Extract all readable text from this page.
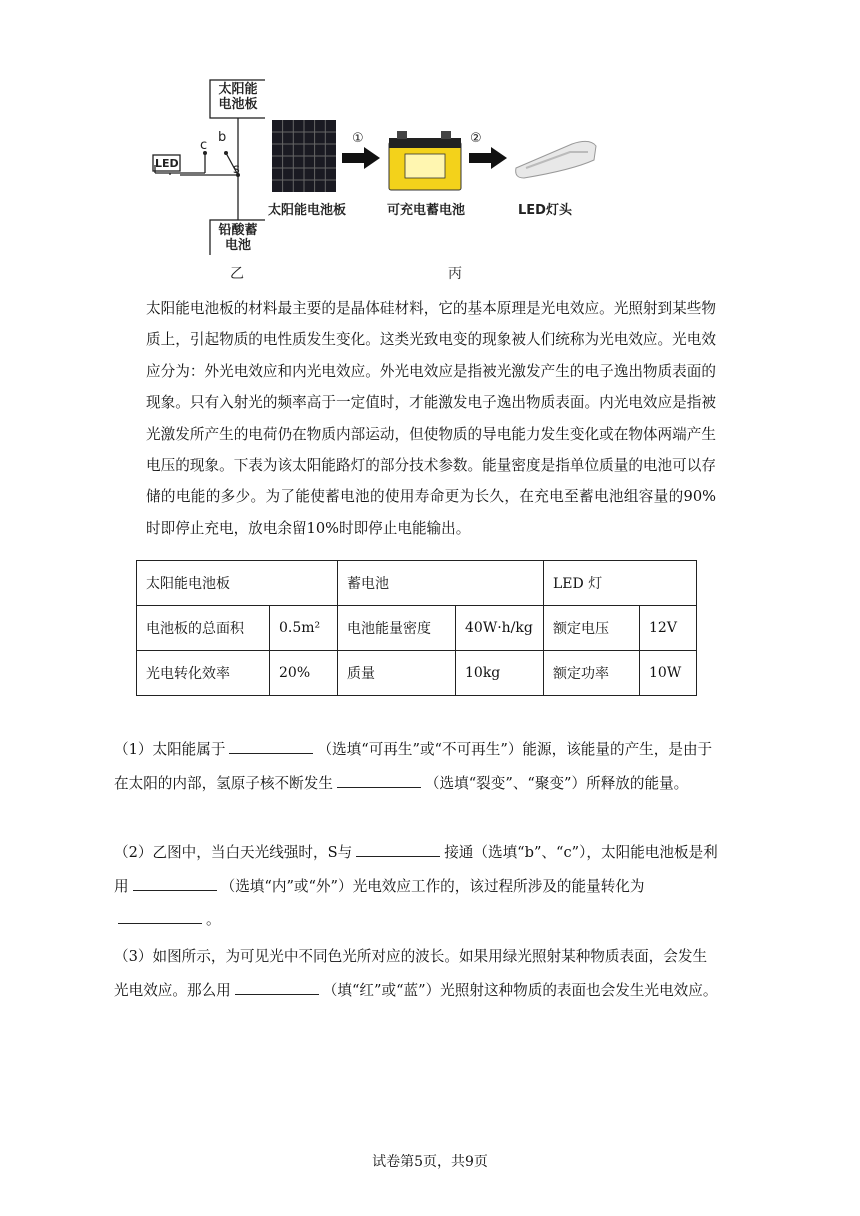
太阳能
电池板
铅酸蓄
电池
LED
c
b
s
乙
太阳能电池板
①
可充电蓄电池
②
LED灯头
丙
太阳能电池板的材料最主要的是晶体硅材料，它的基本原理是光电效应。光照射到某些物质上，引起物质的电性质发生变化。这类光致电变的现象被人们统称为光电效应。光电效应分为：外光电效应和内光电效应。外光电效应是指被光激发产生的电子逸出物质表面的现象。只有入射光的频率高于一定值时，才能激发电子逸出物质表面。内光电效应是指被光激发所产生的电荷仍在物质内部运动，但使物质的导电能力发生变化或在物体两端产生电压的现象。下表为该太阳能路灯的部分技术参数。能量密度是指单位质量的电池可以存储的电能的多少。为了能使蓄电池的使用寿命更为长久，在充电至蓄电池组容量的90%时即停止充电，放电余留10%时即停止电能输出。
太阳能电池板		蓄电池		LED 灯	
电池板的总面积	0.5m²	电池能量密度	40W·h/kg	额定电压	12V
光电转化效率	20%	质量	10kg	额定功率	10W
（1）太阳能属于	（选填“可再生”或“不可再生”）能源，该能量的产生，是由于在太阳的内部，氢原子核不断发生	（选填“裂变”、“聚变”）所释放的能量。
（2）乙图中，当白天光线强时，S与	接通（选填“b”、“c”），太阳能电池板是利用	（选填“内”或“外”）光电效应工作的，该过程所涉及的能量转化为。
（3）如图所示，为可见光中不同色光所对应的波长。如果用绿光照射某种物质表面，会发生光电效应。那么用	（填“红”或“蓝”）光照射这种物质的表面也会发生光电效应。
试卷第5页，共9页
